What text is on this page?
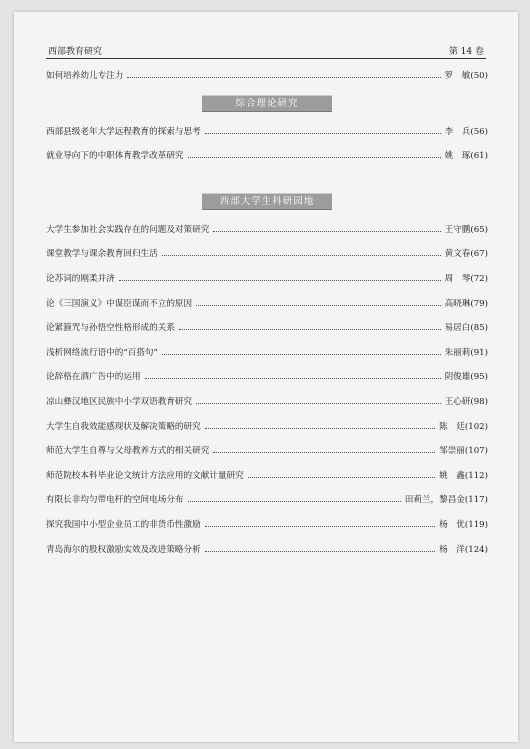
西部教育研究	第 14 卷
如何培养幼儿专注力	罗　敏(50)
综合理论研究
西部县级老年大学远程教育的探索与思考	李　兵(56)
就业导向下的中职体育教学改革研究	姚　琢(61)
西部大学生科研园地
大学生参加社会实践存在的问题及对策研究	王守鹏(65)
课堂教学与课余教育回归生活	黄文春(67)
论苏词的刚柔并济	周　琴(72)
论《三国演义》中谋臣谋而不立的原因	高晓琳(79)
论紧箍咒与孙悟空性格形成的关系	易居白(85)
浅析网络流行语中的“百搭句”	朱丽莉(91)
论辞格在酒广告中的运用	阴俊雄(95)
凉山彝汉地区民族中小学双语教育研究	王心研(98)
大学生自我效能感现状及解决策略的研究	陈　廷(102)
师范大学生自尊与父母教养方式的相关研究	邹崇丽(107)
师范院校本科毕业论文统计方法应用的文献计量研究	姚　鑫(112)
有限长非均匀带电杆的空间电场分布	田莉兰，黎昌金(117)
探究我国中小型企业员工的非货币性激励	杨　优(119)
青岛海尔的股权激励实效及改进策略分析	杨　洋(124)
